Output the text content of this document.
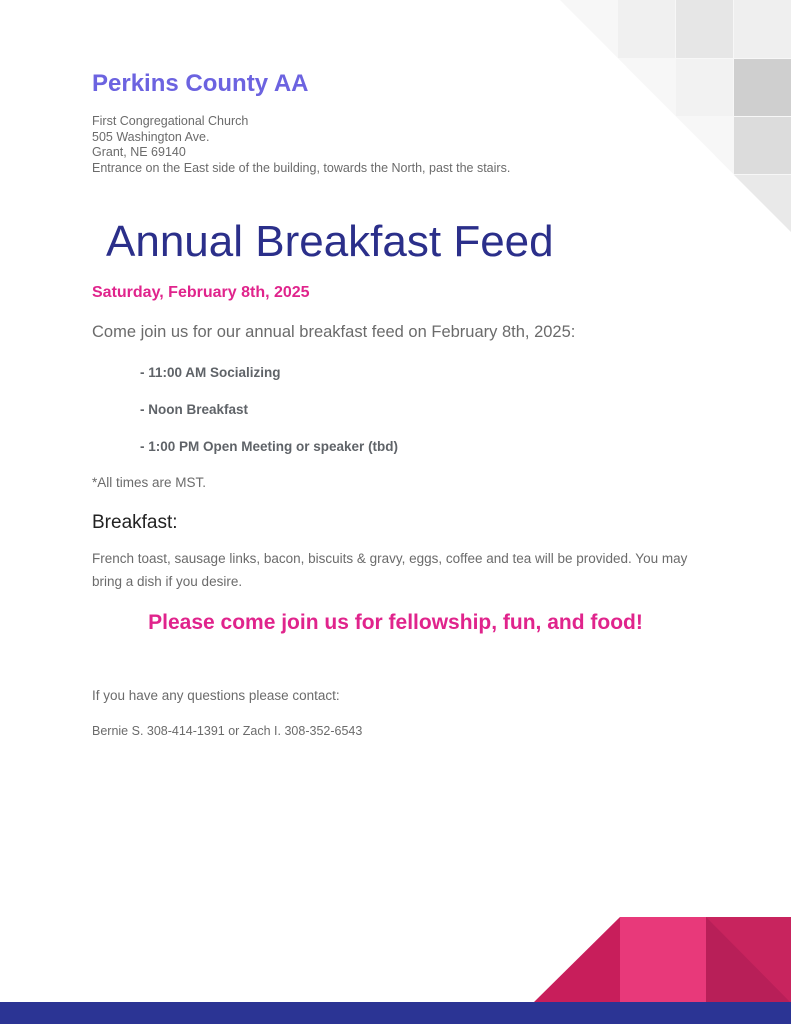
Perkins County AA

First Congregational Church
505 Washington Ave.
Grant, NE 69140
Entrance on the East side of the building, towards the North, past the stairs.

Annual Breakfast Feed

Saturday, February 8th, 2025

Come join us for our annual breakfast feed on February 8th, 2025:

- 11:00 AM Socializing
- Noon Breakfast
- 1:00 PM Open Meeting or speaker (tbd)

*All times are MST.

Breakfast:

French toast, sausage links, bacon, biscuits & gravy, eggs, coffee and tea will be provided. You may bring a dish if you desire.

Please come join us for fellowship, fun, and food!

If you have any questions please contact:

Bernie S. 308-414-1391 or Zach I. 308-352-6543
